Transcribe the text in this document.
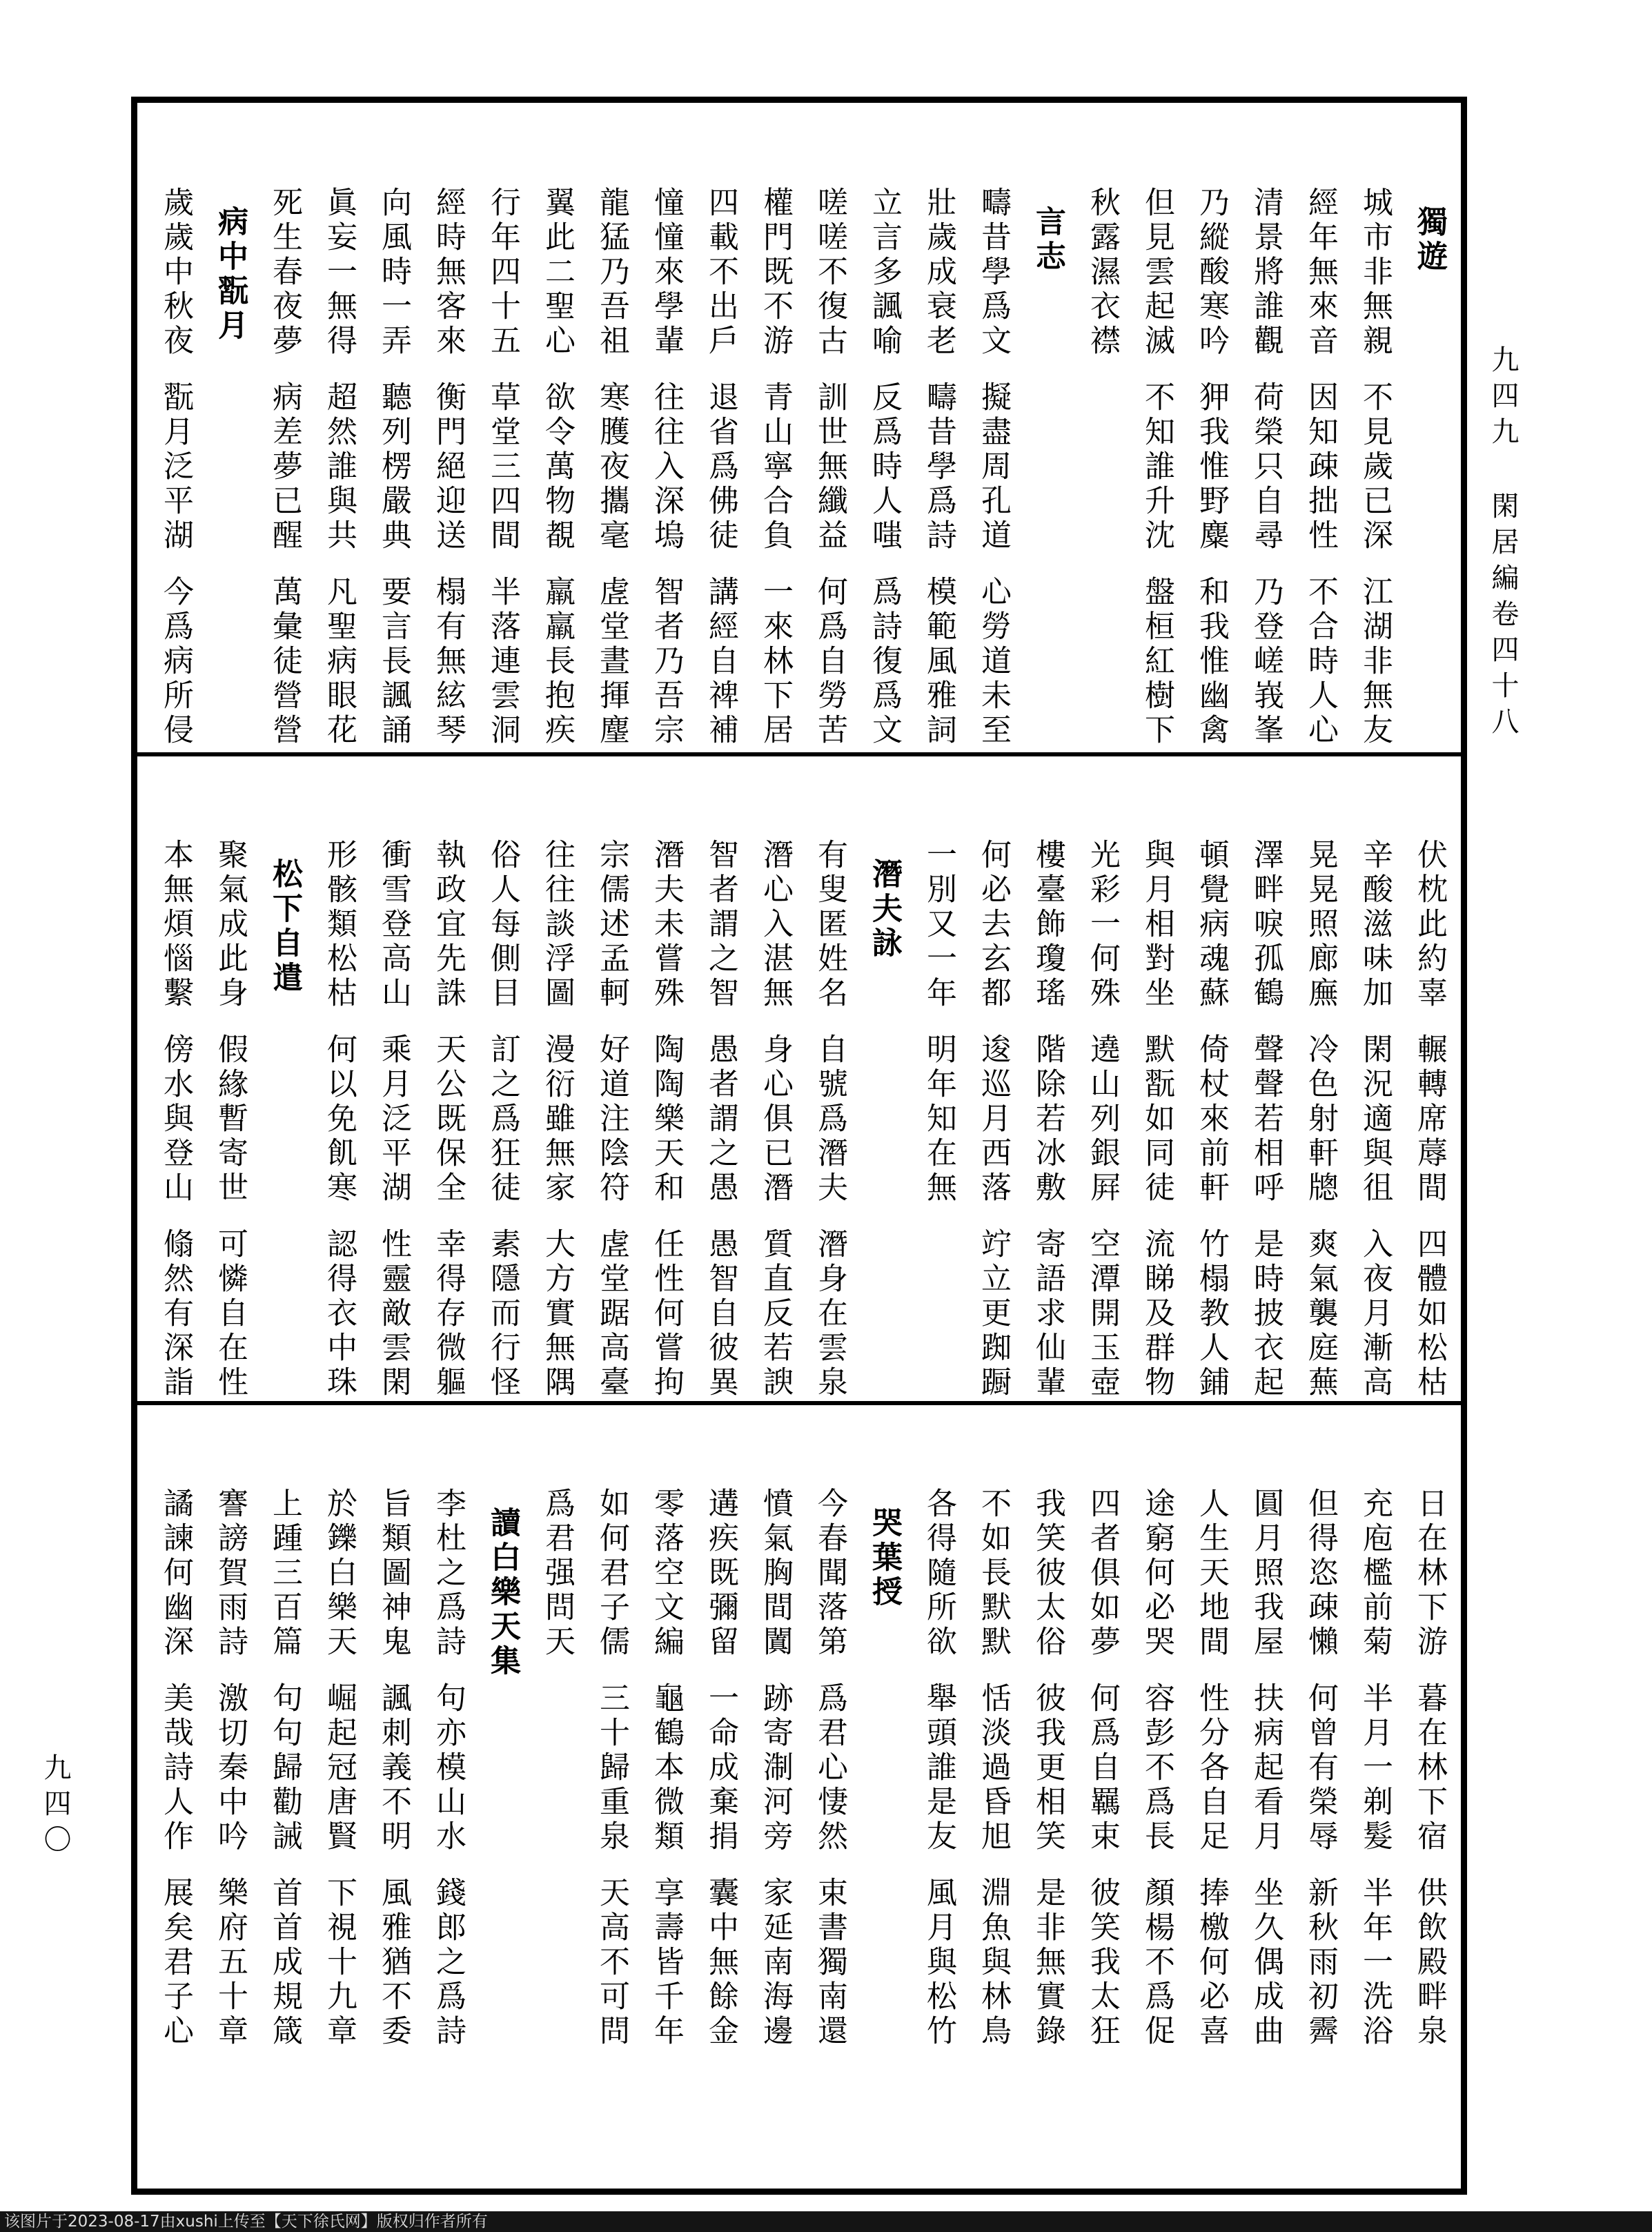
獨遊
城市非無親
不見歲已深
江湖非無友
經年無來音
因知疎拙性
不合時人心
清景將誰觀
荷榮只自尋
乃登嵯峩峯
乃縱酸寒吟
狎我惟野麋
和我惟幽禽
但見雲起滅
不知誰升沈
盤桓紅樹下
秋露濕衣襟
言志
疇昔學爲文
擬盡周孔道
心勞道未至
壯歲成衰老
疇昔學爲詩
模範風雅詞
立言多諷喻
反爲時人嗤
爲詩復爲文
嗟嗟不復古
訓世無纖益
何爲自勞苦
權門既不游
青山寧合負
一來林下居
四載不出戶
退省爲佛徒
講經自禆補
憧憧來學輩
往往入深塢
智者乃吾宗
龍猛乃吾祖
寒臒夜攜毫
虗堂晝揮麈
翼此二聖心
欲令萬物覩
羸羸長抱疾
行年四十五
草堂三四間
半落連雲洞
經時無客來
衡門絕迎送
榻有無絃琴
向風時一弄
聽列楞嚴典
要言長諷誦
眞妄一無得
超然誰與共
凡聖病眼花
死生春夜夢
病差夢已醒
萬彙徒營營
病中翫月
歲歲中秋夜
翫月泛平湖
今爲病所侵
伏枕此約辜
輾轉席蓐間
四體如松枯
辛酸滋味加
閑況適與徂
入夜月漸高
晃晃照廊廡
冷色射軒牕
爽氣襲庭蕪
澤畔唳孤鶴
聲聲若相呼
是時披衣起
頓覺病魂蘇
倚杖來前軒
竹榻教人鋪
與月相對坐
默翫如同徒
流睇及群物
光彩一何殊
遶山列銀屛
空潭開玉壺
樓臺飾瓊瑤
階除若冰敷
寄語求仙輩
何必去玄都
逡巡月西落
竚立更踟蹰
一別又一年
明年知在無
潛夫詠
有叟匿姓名
自號爲潛夫
潛身在雲泉
潛心入湛無
身心俱已潛
質直反若諛
智者謂之智
愚者謂之愚
愚智自彼異
潛夫未嘗殊
陶陶樂天和
任性何嘗拘
宗儒述孟軻
好道注陰符
虗堂踞高臺
往往談浮圖
漫衍雖無家
大方實無隅
俗人每側目
訂之爲狂徒
素隱而行怪
執政宜先誅
天公既保全
幸得存微軀
衝雪登高山
乘月泛平湖
性靈敵雲閑
形骸類松枯
何以免飢寒
認得衣中珠
松下自遣
聚氣成此身
假緣暫寄世
可憐自在性
本無煩惱繫
傍水與登山
翛然有深詣
日在林下游
暮在林下宿
供飲殿畔泉
充庖檻前菊
半月一剃髮
半年一洗浴
但得恣疎懶
何曾有榮辱
新秋雨初霽
圓月照我屋
扶病起看月
坐久偶成曲
人生天地間
性分各自足
捧檄何必喜
途窮何必哭
容彭不爲長
顏楊不爲促
四者俱如夢
何爲自羈束
彼笑我太狂
我笑彼太俗
彼我更相笑
是非無實錄
不如長默默
恬淡過昏旭
淵魚與林鳥
各得隨所欲
舉頭誰是友
風月與松竹
哭葉授
今春聞落第
爲君心悽然
束書獨南還
憤氣胸間闐
跡寄淛河旁
家延南海邊
遘疾既彌留
一命成棄捐
囊中無餘金
零落空文編
龜鶴本微類
享壽皆千年
如何君子儒
三十歸重泉
天高不可問
爲君强問天
讀白樂天集
李杜之爲詩
句亦模山水
錢郎之爲詩
旨類圖神鬼
諷刺義不明
風雅猶不委
於鑠白樂天
崛起冠唐賢
下視十九章
上踵三百篇
句句歸勸誡
首首成規箴
謇謗賀雨詩
激切秦中吟
樂府五十章
譎諫何幽深
美哉詩人作
展矣君子心
九四九
閑居編卷四十八
九四〇
该图片于2023-08-17由xushi上传至【天下徐氏网】版权归作者所有
